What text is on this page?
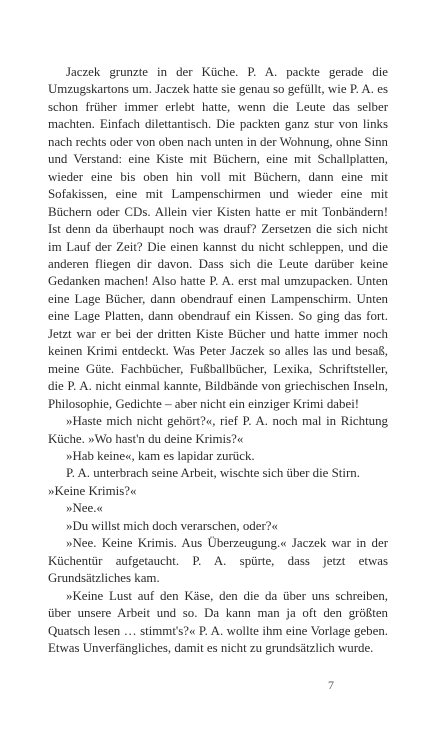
Jaczek grunzte in der Küche. P. A. packte gerade die Umzugskartons um. Jaczek hatte sie genau so gefüllt, wie P. A. es schon früher immer erlebt hatte, wenn die Leute das selber machten. Einfach dilettantisch. Die packten ganz stur von links nach rechts oder von oben nach unten in der Wohnung, ohne Sinn und Verstand: eine Kiste mit Büchern, eine mit Schallplatten, wieder eine bis oben hin voll mit Büchern, dann eine mit Sofakissen, eine mit Lampenschirmen und wieder eine mit Büchern oder CDs. Allein vier Kisten hatte er mit Tonbändern! Ist denn da überhaupt noch was drauf? Zersetzen die sich nicht im Lauf der Zeit? Die einen kannst du nicht schleppen, und die anderen fliegen dir davon. Dass sich die Leute darüber keine Gedanken machen! Also hatte P. A. erst mal umzupacken. Unten eine Lage Bücher, dann obendrauf einen Lampenschirm. Unten eine Lage Platten, dann obendrauf ein Kissen. So ging das fort. Jetzt war er bei der dritten Kiste Bücher und hatte immer noch keinen Krimi entdeckt. Was Peter Jaczek so alles las und besaß, meine Güte. Fachbücher, Fußballbücher, Lexika, Schriftsteller, die P. A. nicht einmal kannte, Bildbände von griechischen Inseln, Philosophie, Gedichte – aber nicht ein einziger Krimi dabei!

»Haste mich nicht gehört?«, rief P. A. noch mal in Richtung Küche. »Wo hast'n du deine Krimis?«

»Hab keine«, kam es lapidar zurück.

P. A. unterbrach seine Arbeit, wischte sich über die Stirn.

»Keine Krimis?«

»Nee.«

»Du willst mich doch verarschen, oder?«

»Nee. Keine Krimis. Aus Überzeugung.« Jaczek war in der Küchentür aufgetaucht. P. A. spürte, dass jetzt etwas Grundsätzliches kam.

»Keine Lust auf den Käse, den die da über uns schreiben, über unsere Arbeit und so. Da kann man ja oft den größten Quatsch lesen … stimmt's?« P. A. wollte ihm eine Vorlage geben. Etwas Unverfängliches, damit es nicht zu grundsätzlich wurde.

7
